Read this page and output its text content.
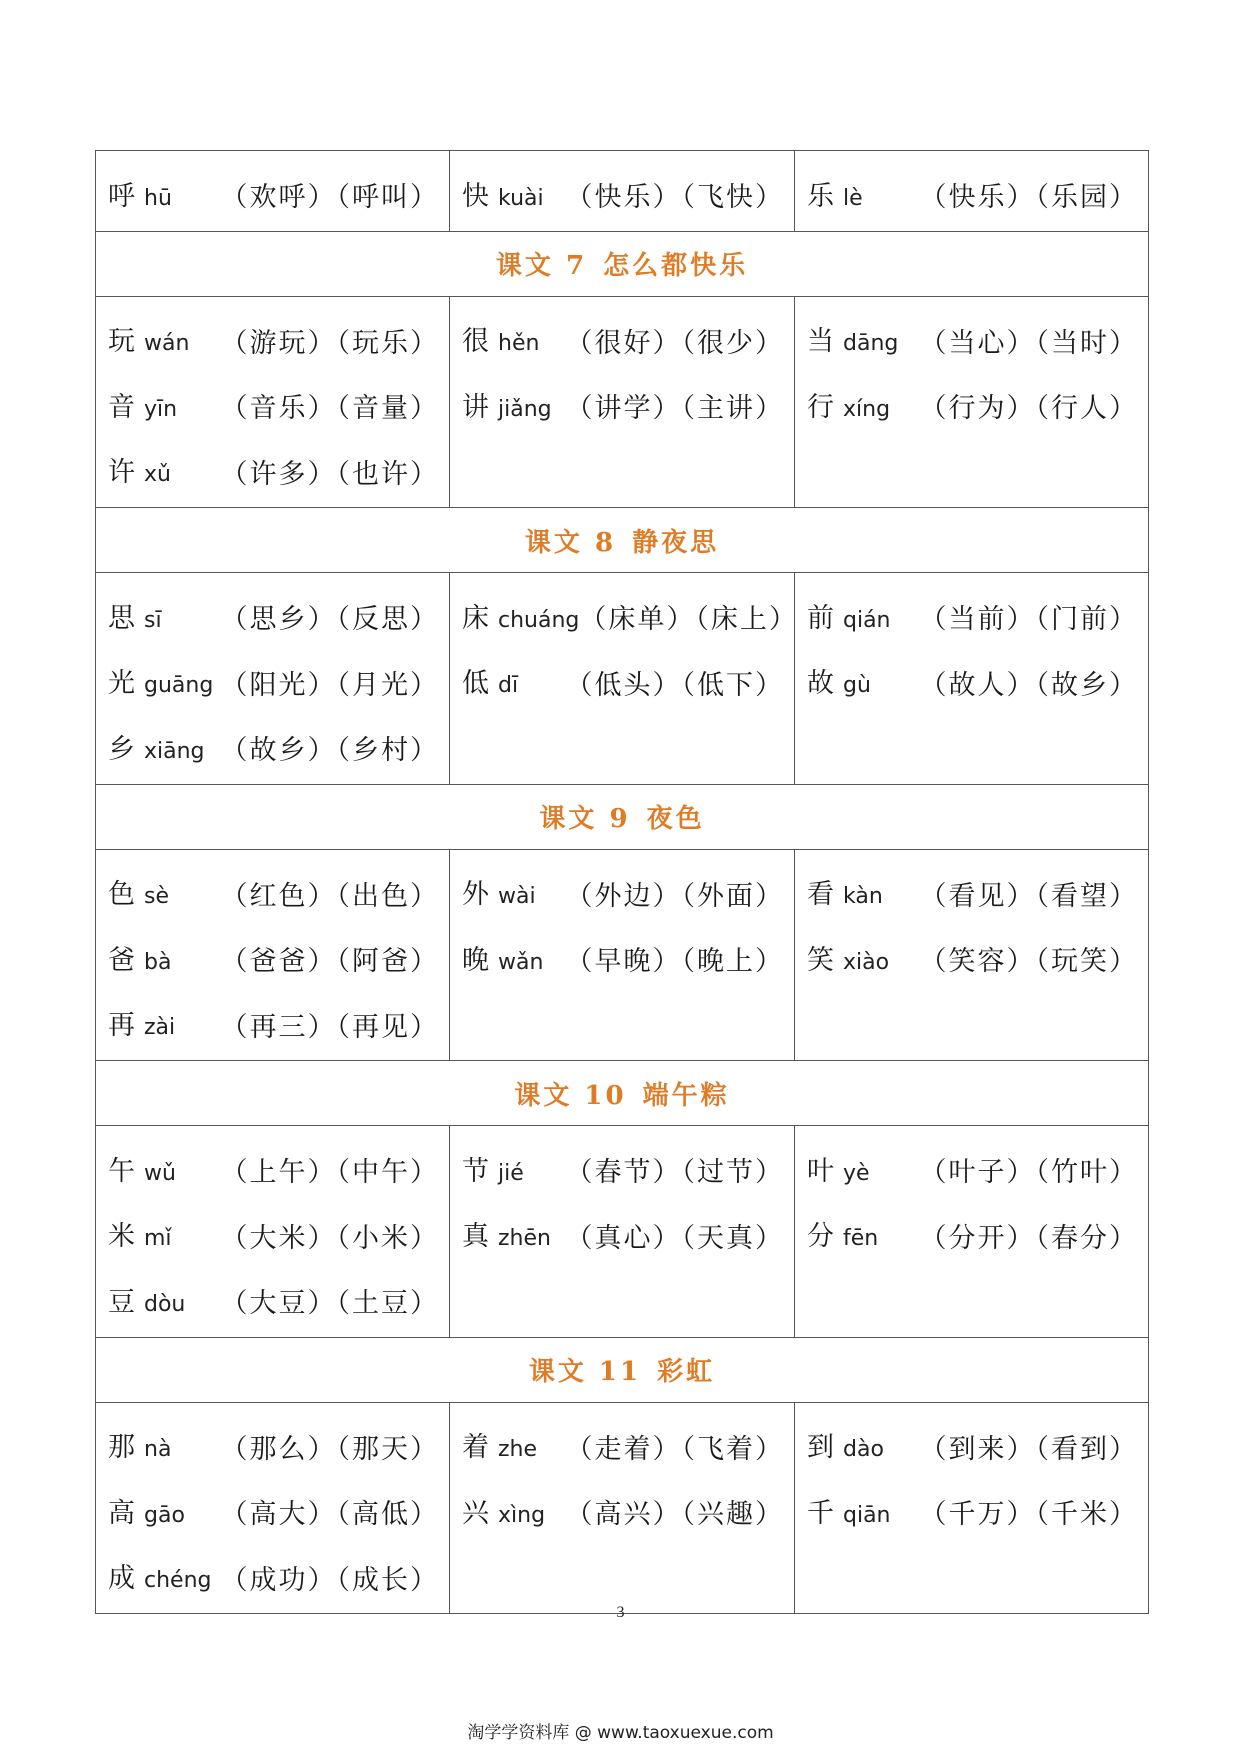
呼 hū （欢呼）（呼叫） 快 kuài （快乐）（飞快） 乐 lè （快乐）（乐园）
课文 7 怎么都快乐
玩 wán （游玩）（玩乐）
音 yīn （音乐）（音量）
许 xǔ （许多）（也许）
很 hěn （很好）（很少）
讲 jiǎng （讲学）（主讲）
当 dāng （当心）（当时）
行 xíng （行为）（行人）
课文 8 静夜思
思 sī （思乡）（反思）
光 guāng （阳光）（月光）
乡 xiāng （故乡）（乡村）
床 chuáng （床单）（床上）
低 dī （低头）（低下）
前 qián （当前）（门前）
故 gù （故人）（故乡）
课文 9 夜色
色 sè （红色）（出色）
爸 bà （爸爸）（阿爸）
再 zài （再三）（再见）
外 wài （外边）（外面）
晚 wǎn （早晚）（晚上）
看 kàn （看见）（看望）
笑 xiào （笑容）（玩笑）
课文 10 端午粽
午 wǔ （上午）（中午）
米 mǐ （大米）（小米）
豆 dòu （大豆）（土豆）
节 jié （春节）（过节）
真 zhēn （真心）（天真）
叶 yè （叶子）（竹叶）
分 fēn （分开）（春分）
课文 11 彩虹
那 nà （那么）（那天）
高 gāo （高大）（高低）
成 chéng （成功）（成长）
着 zhe （走着）（飞着）
兴 xìng （高兴）（兴趣）
到 dào （到来）（看到）
千 qiān （千万）（千米）
3
淘学学资料库 @ www.taoxuexue.com
